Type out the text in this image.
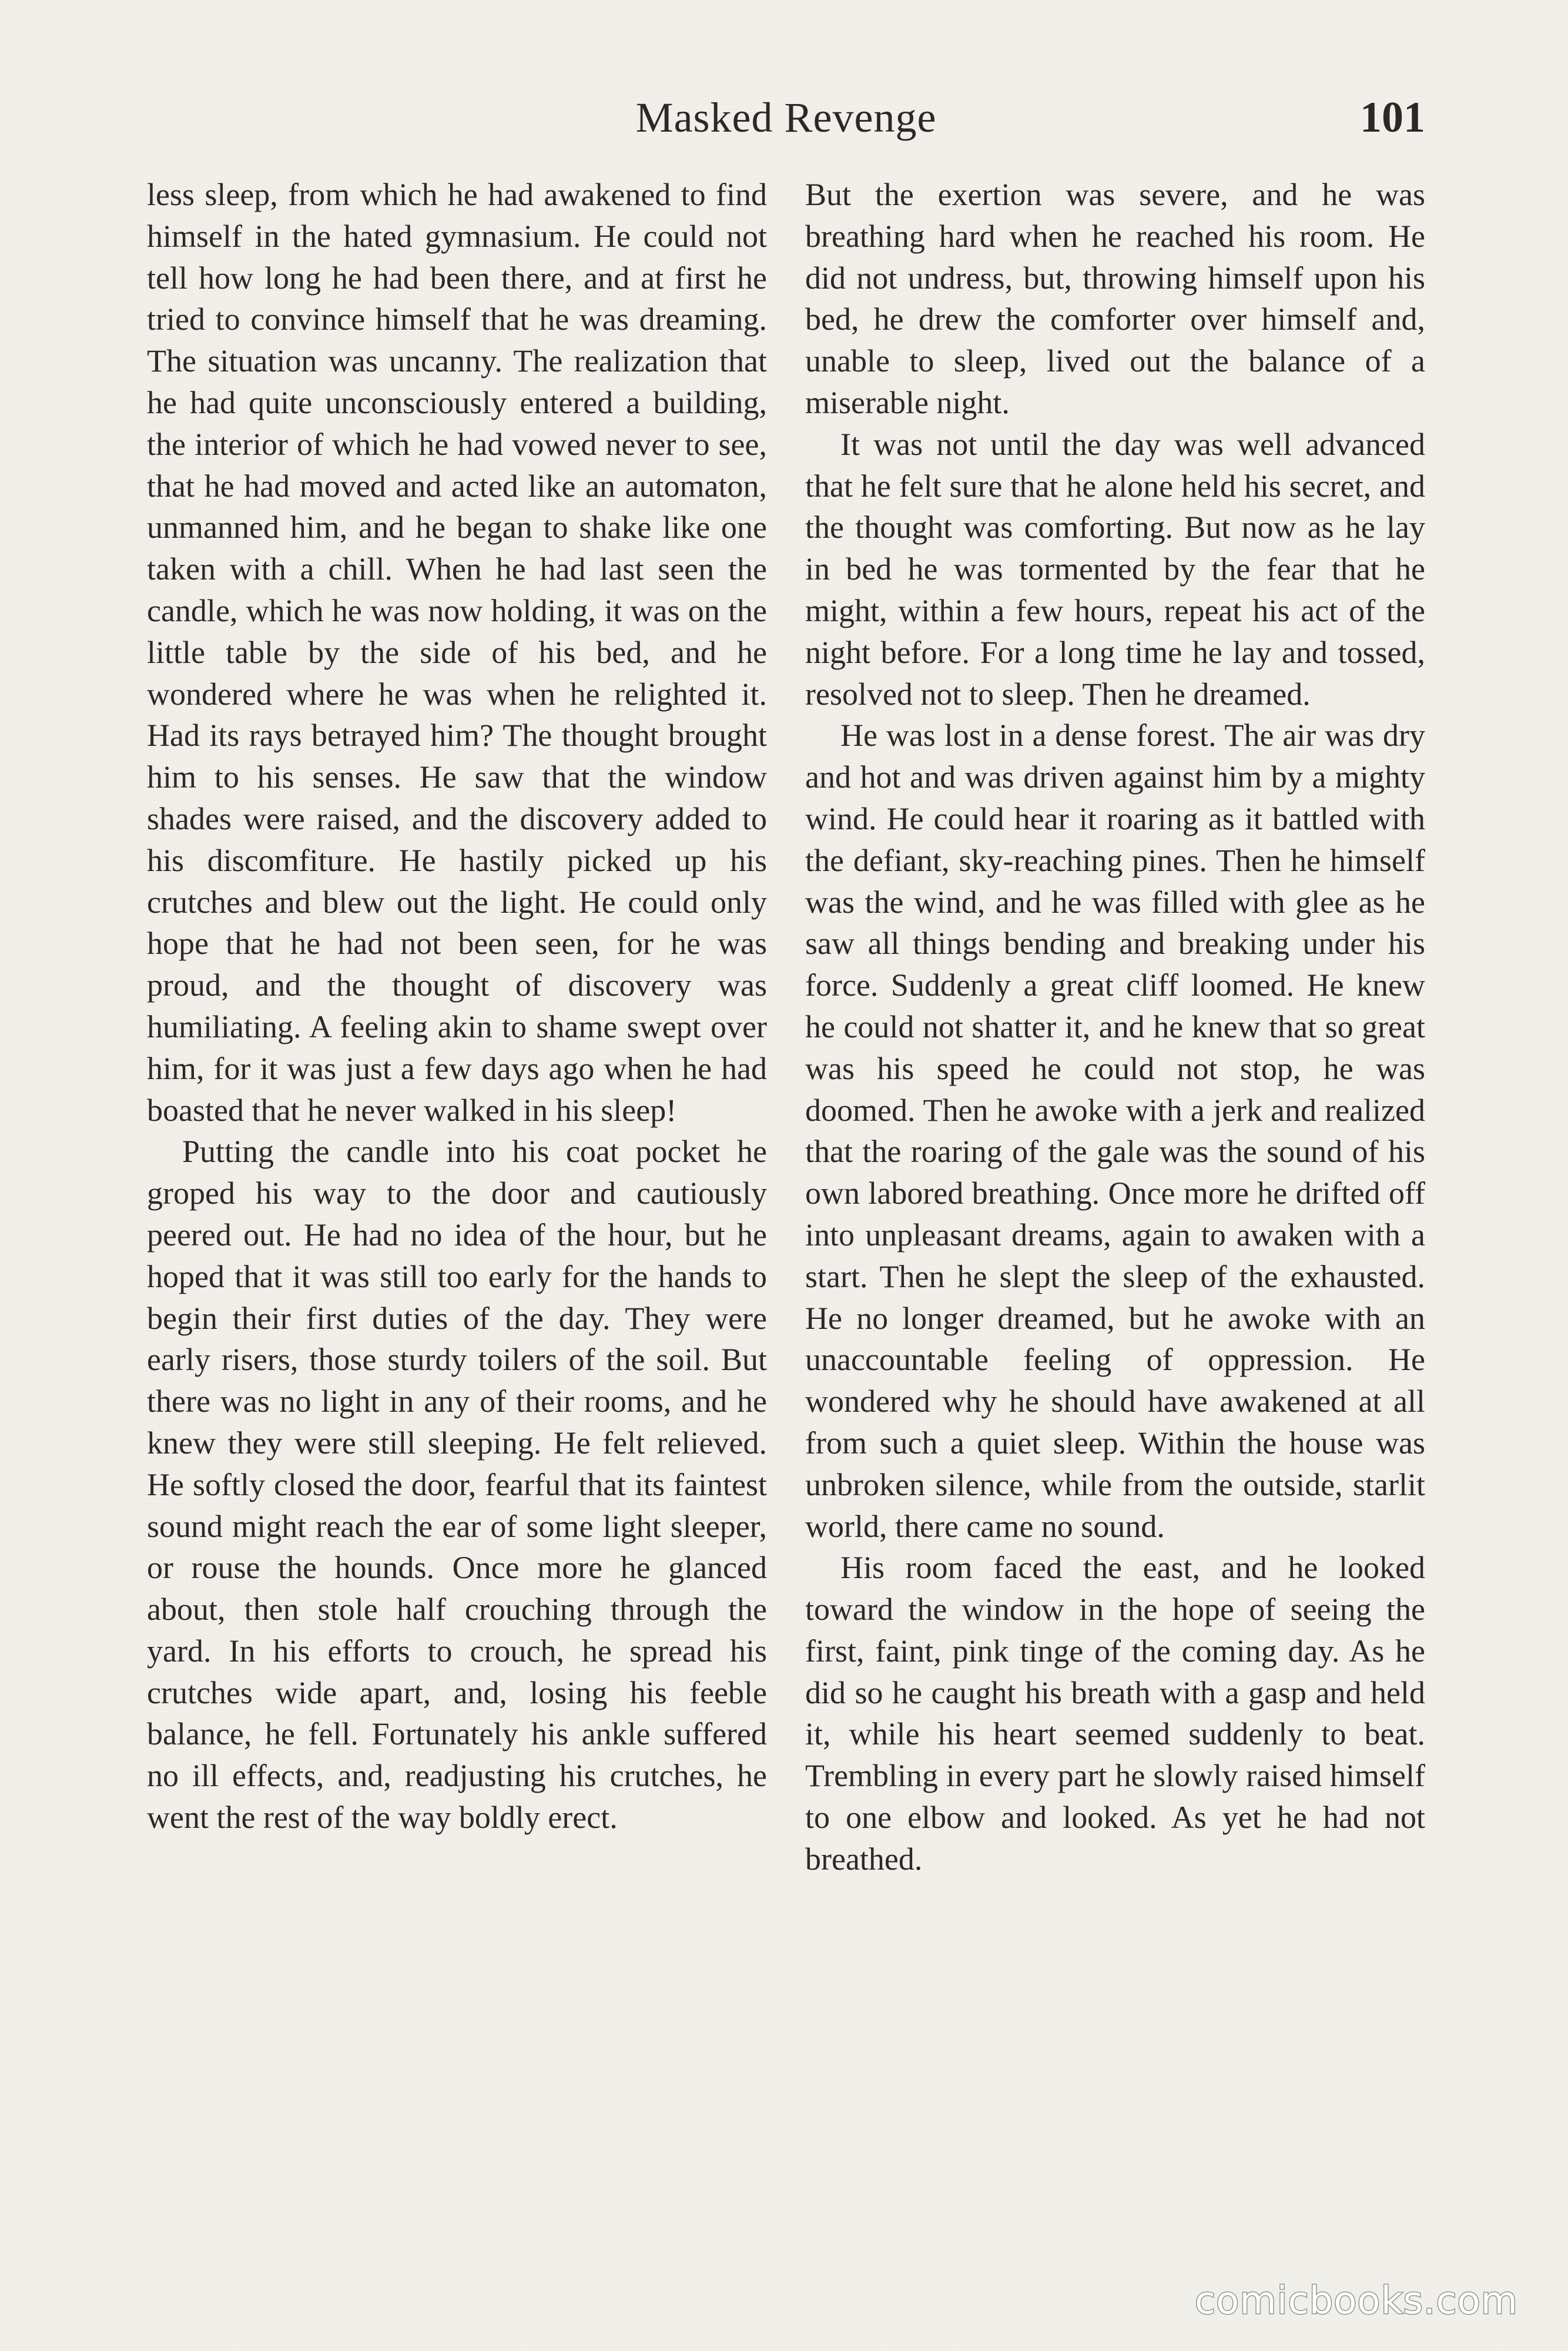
Masked Revenge	101

less sleep, from which he had awakened to find himself in the hated gymnasium. He could not tell how long he had been there, and at first he tried to convince himself that he was dreaming. The situation was uncanny. The realization that he had quite unconsciously entered a building, the interior of which he had vowed never to see, that he had moved and acted like an automaton, unmanned him, and he began to shake like one taken with a chill. When he had last seen the candle, which he was now holding, it was on the little table by the side of his bed, and he wondered where he was when he relighted it. Had its rays betrayed him? The thought brought him to his senses. He saw that the window shades were raised, and the discovery added to his discomfiture. He hastily picked up his crutches and blew out the light. He could only hope that he had not been seen, for he was proud, and the thought of discovery was humiliating. A feeling akin to shame swept over him, for it was just a few days ago when he had boasted that he never walked in his sleep!

Putting the candle into his coat pocket he groped his way to the door and cautiously peered out. He had no idea of the hour, but he hoped that it was still too early for the hands to begin their first duties of the day. They were early risers, those sturdy toilers of the soil. But there was no light in any of their rooms, and he knew they were still sleeping. He felt relieved. He softly closed the door, fearful that its faintest sound might reach the ear of some light sleeper, or rouse the hounds. Once more he glanced about, then stole half crouching through the yard. In his efforts to crouch, he spread his crutches wide apart, and, losing his feeble balance, he fell. Fortunately his ankle suffered no ill effects, and, readjusting his crutches, he went the rest of the way boldly erect.

But the exertion was severe, and he was breathing hard when he reached his room. He did not undress, but, throwing himself upon his bed, he drew the comforter over himself and, unable to sleep, lived out the balance of a miserable night.

It was not until the day was well advanced that he felt sure that he alone held his secret, and the thought was comforting. But now as he lay in bed he was tormented by the fear that he might, within a few hours, repeat his act of the night before. For a long time he lay and tossed, resolved not to sleep. Then he dreamed.

He was lost in a dense forest. The air was dry and hot and was driven against him by a mighty wind. He could hear it roaring as it battled with the defiant, sky-reaching pines. Then he himself was the wind, and he was filled with glee as he saw all things bending and breaking under his force. Suddenly a great cliff loomed. He knew he could not shatter it, and he knew that so great was his speed he could not stop, he was doomed. Then he awoke with a jerk and realized that the roaring of the gale was the sound of his own labored breathing. Once more he drifted off into unpleasant dreams, again to awaken with a start. Then he slept the sleep of the exhausted. He no longer dreamed, but he awoke with an unaccountable feeling of oppression. He wondered why he should have awakened at all from such a quiet sleep. Within the house was unbroken silence, while from the outside, starlit world, there came no sound.

His room faced the east, and he looked toward the window in the hope of seeing the first, faint, pink tinge of the coming day. As he did so he caught his breath with a gasp and held it, while his heart seemed suddenly to beat. Trembling in every part he slowly raised himself to one elbow and looked. As yet he had not breathed.

comicbooks.com
